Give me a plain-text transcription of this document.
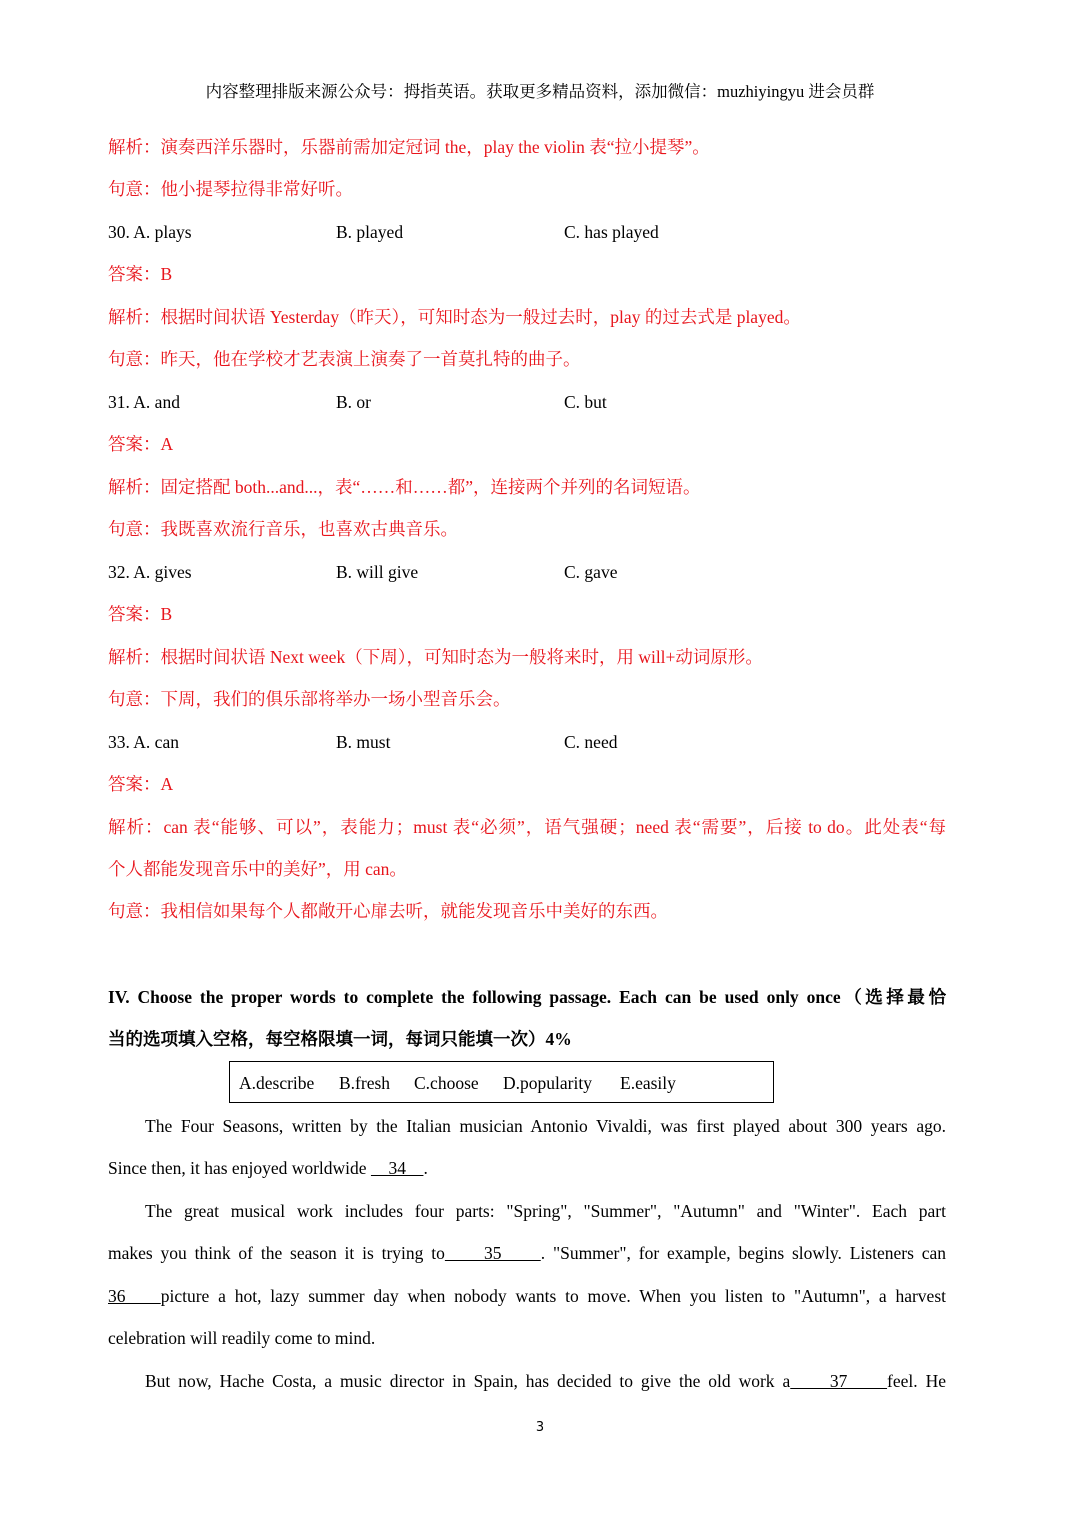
内容整理排版来源公众号：拇指英语。获取更多精品资料，添加微信：muzhiyingyu 进会员群
解析：演奏西洋乐器时，乐器前需加定冠词 the，play the violin 表“拉小提琴”。
句意：他小提琴拉得非常好听。
30. A. plays	B. played	C. has played
答案：B
解析：根据时间状语 Yesterday（昨天），可知时态为一般过去时，play 的过去式是 played。
句意：昨天，他在学校才艺表演上演奏了一首莫扎特的曲子。
31. A. and	B. or	C. but
答案：A
解析：固定搭配 both...and...，表“……和……都”，连接两个并列的名词短语。
句意：我既喜欢流行音乐，也喜欢古典音乐。
32. A. gives	B. will give	C. gave
答案：B
解析：根据时间状语 Next week（下周），可知时态为一般将来时，用 will+动词原形。
句意：下周，我们的俱乐部将举办一场小型音乐会。
33. A. can	B. must	C. need
答案：A
解析：can 表“能够、可以”，表能力；must 表“必须”，语气强硬；need 表“需要”，后接 to do。此处表“每
个人都能发现音乐中的美好”，用 can。
句意：我相信如果每个人都敞开心扉去听，就能发现音乐中美好的东西。
IV. Choose the proper words to complete the following passage. Each can be used only once（选择最恰
当的选项填入空格，每空格限填一词，每词只能填一次）4%
A.describe B.fresh C.choose D.popularity E.easily
The Four Seasons, written by the Italian musician Antonio Vivaldi, was first played about 300 years ago.
Since then, it has enjoyed worldwide     34    .
The great musical work includes four parts: "Spring", "Summer", "Autumn" and "Winter". Each part
makes you think of the season it is trying to     35     . "Summer", for example, begins slowly. Listeners can
36    picture a hot, lazy summer day when nobody wants to move. When you listen to "Autumn", a harvest
celebration will readily come to mind.
But now, Hache Costa, a music director in Spain, has decided to give the old work a     37     feel. He
3
